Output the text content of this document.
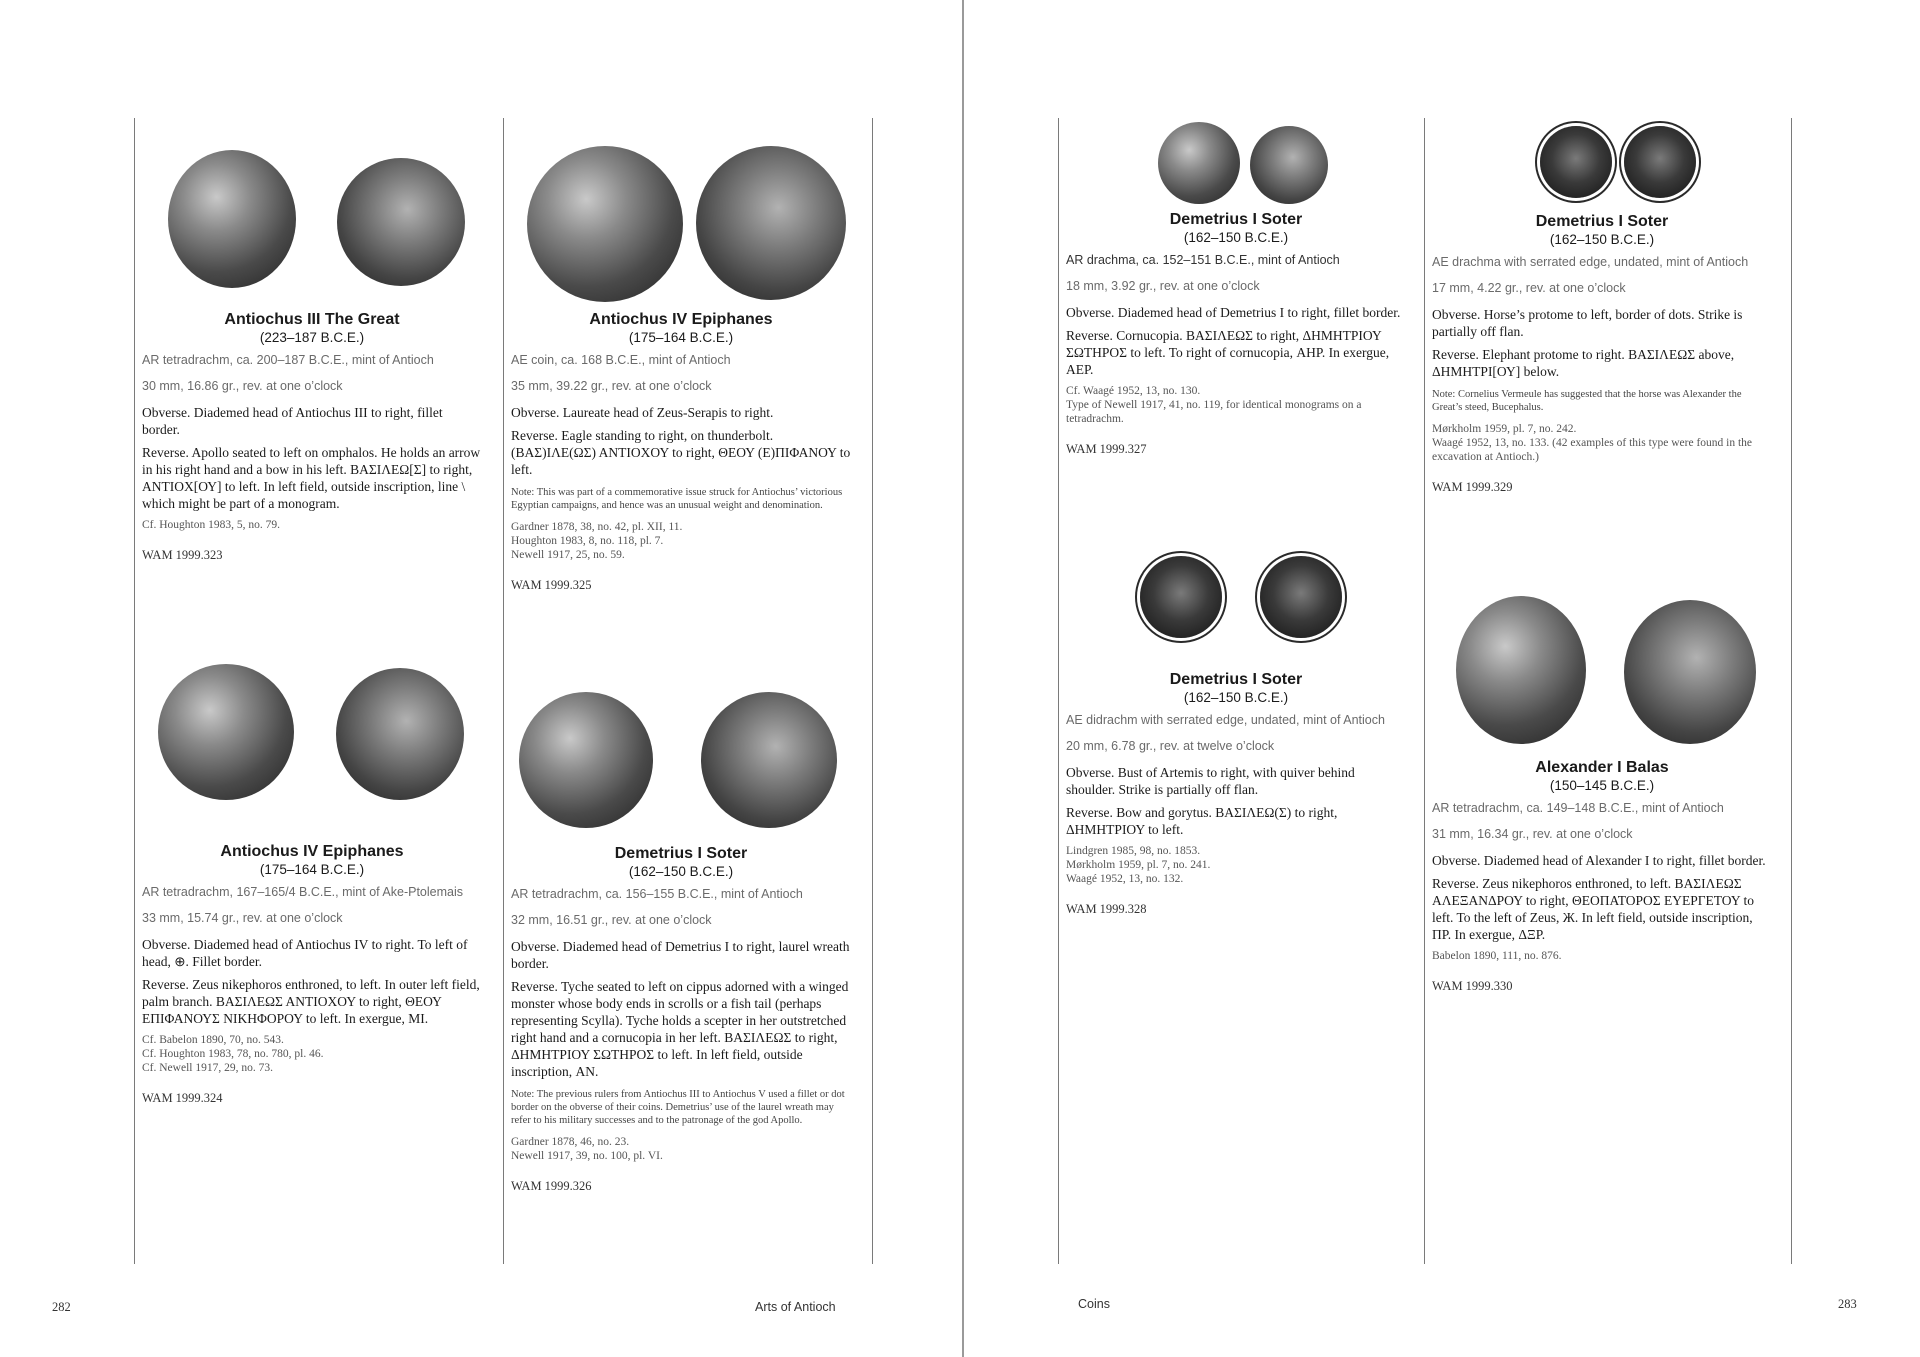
Antiochus III The Great
(223–187 B.C.E.)
AR tetradrachm, ca. 200–187 B.C.E., mint of Antioch
30 mm, 16.86 gr., rev. at one o’clock
Obverse. Diademed head of Antiochus III to right, fillet border.
Reverse. Apollo seated to left on omphalos. He holds an arrow in his right hand and a bow in his left. ΒΑΣΙΛΕΩ[Σ] to right, ΑΝΤΙΟΧ[ΟΥ] to left. In left field, outside inscription, line \ which might be part of a monogram.
Cf. Houghton 1983, 5, no. 79.
WAM 1999.323
Antiochus IV Epiphanes
(175–164 B.C.E.)
AE coin, ca. 168 B.C.E., mint of Antioch
35 mm, 39.22 gr., rev. at one o’clock
Obverse. Laureate head of Zeus-Serapis to right.
Reverse. Eagle standing to right, on thunderbolt. (ΒΑΣ)ΙΛΕ(ΩΣ) ΑΝΤΙΟΧΟΥ to right, ΘΕΟΥ (Ε)ΠΙΦΑΝΟΥ to left.
Note: This was part of a commemorative issue struck for Antiochus’ victorious Egyptian campaigns, and hence was an unusual weight and denomination.
Gardner 1878, 38, no. 42, pl. XII, 11.
Houghton 1983, 8, no. 118, pl. 7.
Newell 1917, 25, no. 59.
WAM 1999.325
Antiochus IV Epiphanes
(175–164 B.C.E.)
AR tetradrachm, 167–165/4 B.C.E., mint of Ake-Ptolemais
33 mm, 15.74 gr., rev. at one o’clock
Obverse. Diademed head of Antiochus IV to right. To left of head, ⊕. Fillet border.
Reverse. Zeus nikephoros enthroned, to left. In outer left field, palm branch. ΒΑΣΙΛΕΩΣ ΑΝΤΙΟΧΟΥ to right, ΘΕΟΥ ΕΠΙΦΑΝΟΥΣ ΝΙΚΗΦΟΡΟΥ to left. In exergue, ΜΙ.
Cf. Babelon 1890, 70, no. 543.
Cf. Houghton 1983, 78, no. 780, pl. 46.
Cf. Newell 1917, 29, no. 73.
WAM 1999.324
Demetrius I Soter
(162–150 B.C.E.)
AR tetradrachm, ca. 156–155 B.C.E., mint of Antioch
32 mm, 16.51 gr., rev. at one o’clock
Obverse. Diademed head of Demetrius I to right, laurel wreath border.
Reverse. Tyche seated to left on cippus adorned with a winged monster whose body ends in scrolls or a fish tail (perhaps representing Scylla). Tyche holds a scepter in her outstretched right hand and a cornucopia in her left. ΒΑΣΙΛΕΩΣ to right, ΔΗΜΗΤΡΙΟΥ ΣΩΤΗΡΟΣ to left. In left field, outside inscription, ΑΝ.
Note: The previous rulers from Antiochus III to Antiochus V used a fillet or dot border on the obverse of their coins. Demetrius’ use of the laurel wreath may refer to his military successes and to the patronage of the god Apollo.
Gardner 1878, 46, no. 23.
Newell 1917, 39, no. 100, pl. VI.
WAM 1999.326
282	Arts of Antioch
Demetrius I Soter
(162–150 B.C.E.)
AR drachma, ca. 152–151 B.C.E., mint of Antioch
18 mm, 3.92 gr., rev. at one o’clock
Obverse. Diademed head of Demetrius I to right, fillet border.
Reverse. Cornucopia. ΒΑΣΙΛΕΩΣ to right, ΔΗΜΗΤΡΙΟΥ ΣΩΤΗΡΟΣ to left. To right of cornucopia, ΑΗΡ. In exergue, ΑΕΡ.
Cf. Waagé 1952, 13, no. 130.
Type of Newell 1917, 41, no. 119, for identical monograms on a tetradrachm.
WAM 1999.327
Demetrius I Soter
(162–150 B.C.E.)
AE drachma with serrated edge, undated, mint of Antioch
17 mm, 4.22 gr., rev. at one o’clock
Obverse. Horse’s protome to left, border of dots. Strike is partially off flan.
Reverse. Elephant protome to right. ΒΑΣΙΛΕΩΣ above, ΔΗΜΗΤΡΙ[ΟΥ] below.
Note: Cornelius Vermeule has suggested that the horse was Alexander the Great’s steed, Bucephalus.
Mørkholm 1959, pl. 7, no. 242.
Waagé 1952, 13, no. 133. (42 examples of this type were found in the excavation at Antioch.)
WAM 1999.329
Demetrius I Soter
(162–150 B.C.E.)
AE didrachm with serrated edge, undated, mint of Antioch
20 mm, 6.78 gr., rev. at twelve o’clock
Obverse. Bust of Artemis to right, with quiver behind shoulder. Strike is partially off flan.
Reverse. Bow and gorytus. ΒΑΣΙΛΕΩ(Σ) to right, ΔΗΜΗΤΡΙΟΥ to left.
Lindgren 1985, 98, no. 1853.
Mørkholm 1959, pl. 7, no. 241.
Waagé 1952, 13, no. 132.
WAM 1999.328
Alexander I Balas
(150–145 B.C.E.)
AR tetradrachm, ca. 149–148 B.C.E., mint of Antioch
31 mm, 16.34 gr., rev. at one o’clock
Obverse. Diademed head of Alexander I to right, fillet border.
Reverse. Zeus nikephoros enthroned, to left. ΒΑΣΙΛΕΩΣ ΑΛΕΞΑΝΔΡΟΥ to right, ΘΕΟΠΑΤΟΡΟΣ ΕΥΕΡΓΕΤΟΥ to left. To the left of Zeus, Ж. In left field, outside inscription, ΠΡ. In exergue, ΔΞΡ.
Babelon 1890, 111, no. 876.
WAM 1999.330
Coins	283
